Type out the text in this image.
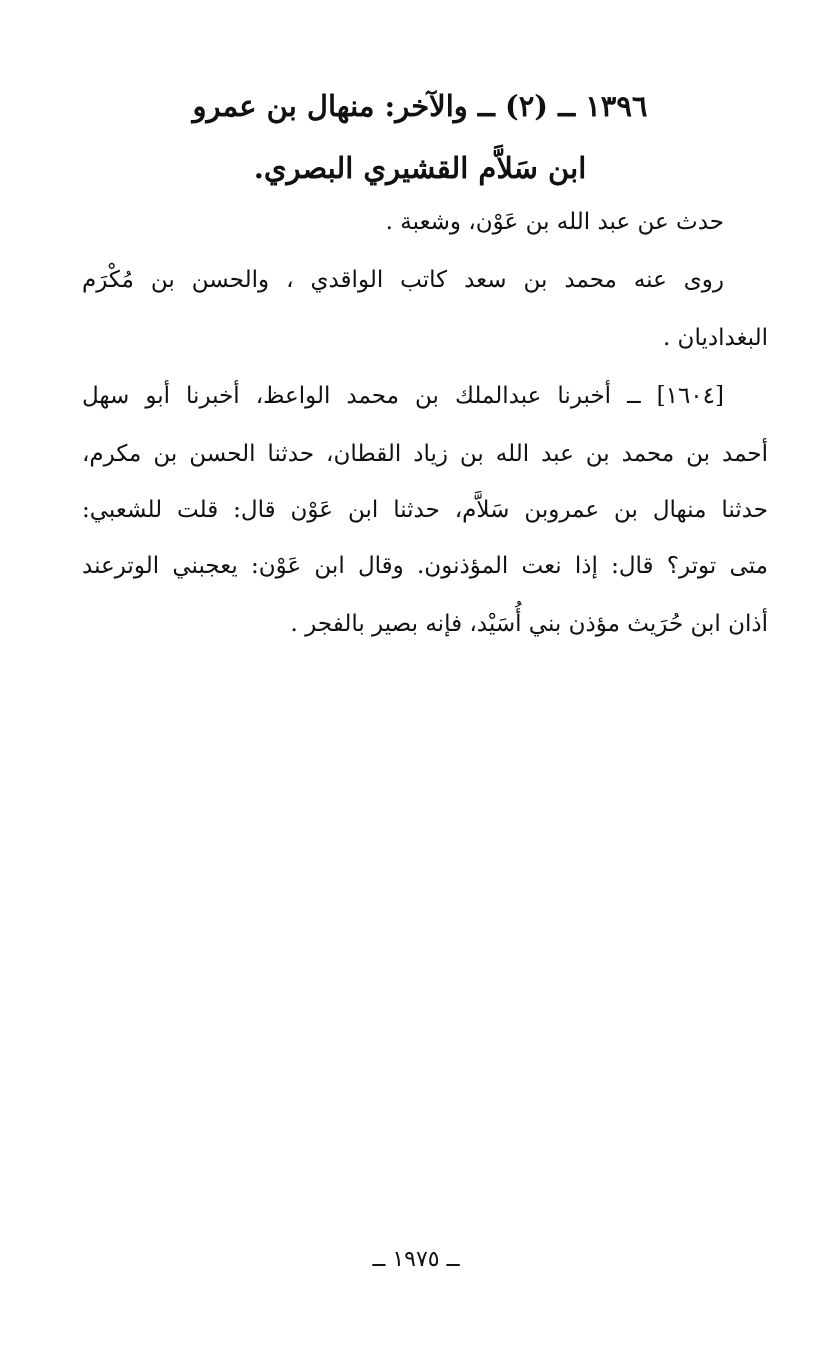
١٣٩٦ ــ (٢) ــ والآخر: منهال بن عمرو
ابن سَلاَّم القشيري البصري.
حدث عن عبد الله بن عَوْن، وشعبة .
روى عنه محمد بن سعد كاتب الواقدي ، والحسن بن مُكْرَم
البغداديان .
[١٦٠٤] ــ أخبرنا عبدالملك بن محمد الواعظ، أخبرنا أبو سهل
أحمد بن محمد بن عبد الله بن زياد القطان، حدثنا الحسن بن مكرم،
حدثنا منهال بن عمروبن سَلاَّم، حدثنا ابن عَوْن قال: قلت للشعبي:
متى توتر؟ قال: إذا نعت المؤذنون. وقال ابن عَوْن: يعجبني الوترعند
أذان ابن حُرَيث مؤذن بني أُسَيْد، فإنه بصير بالفجر .
ــ ١٩٧٥ ــ
